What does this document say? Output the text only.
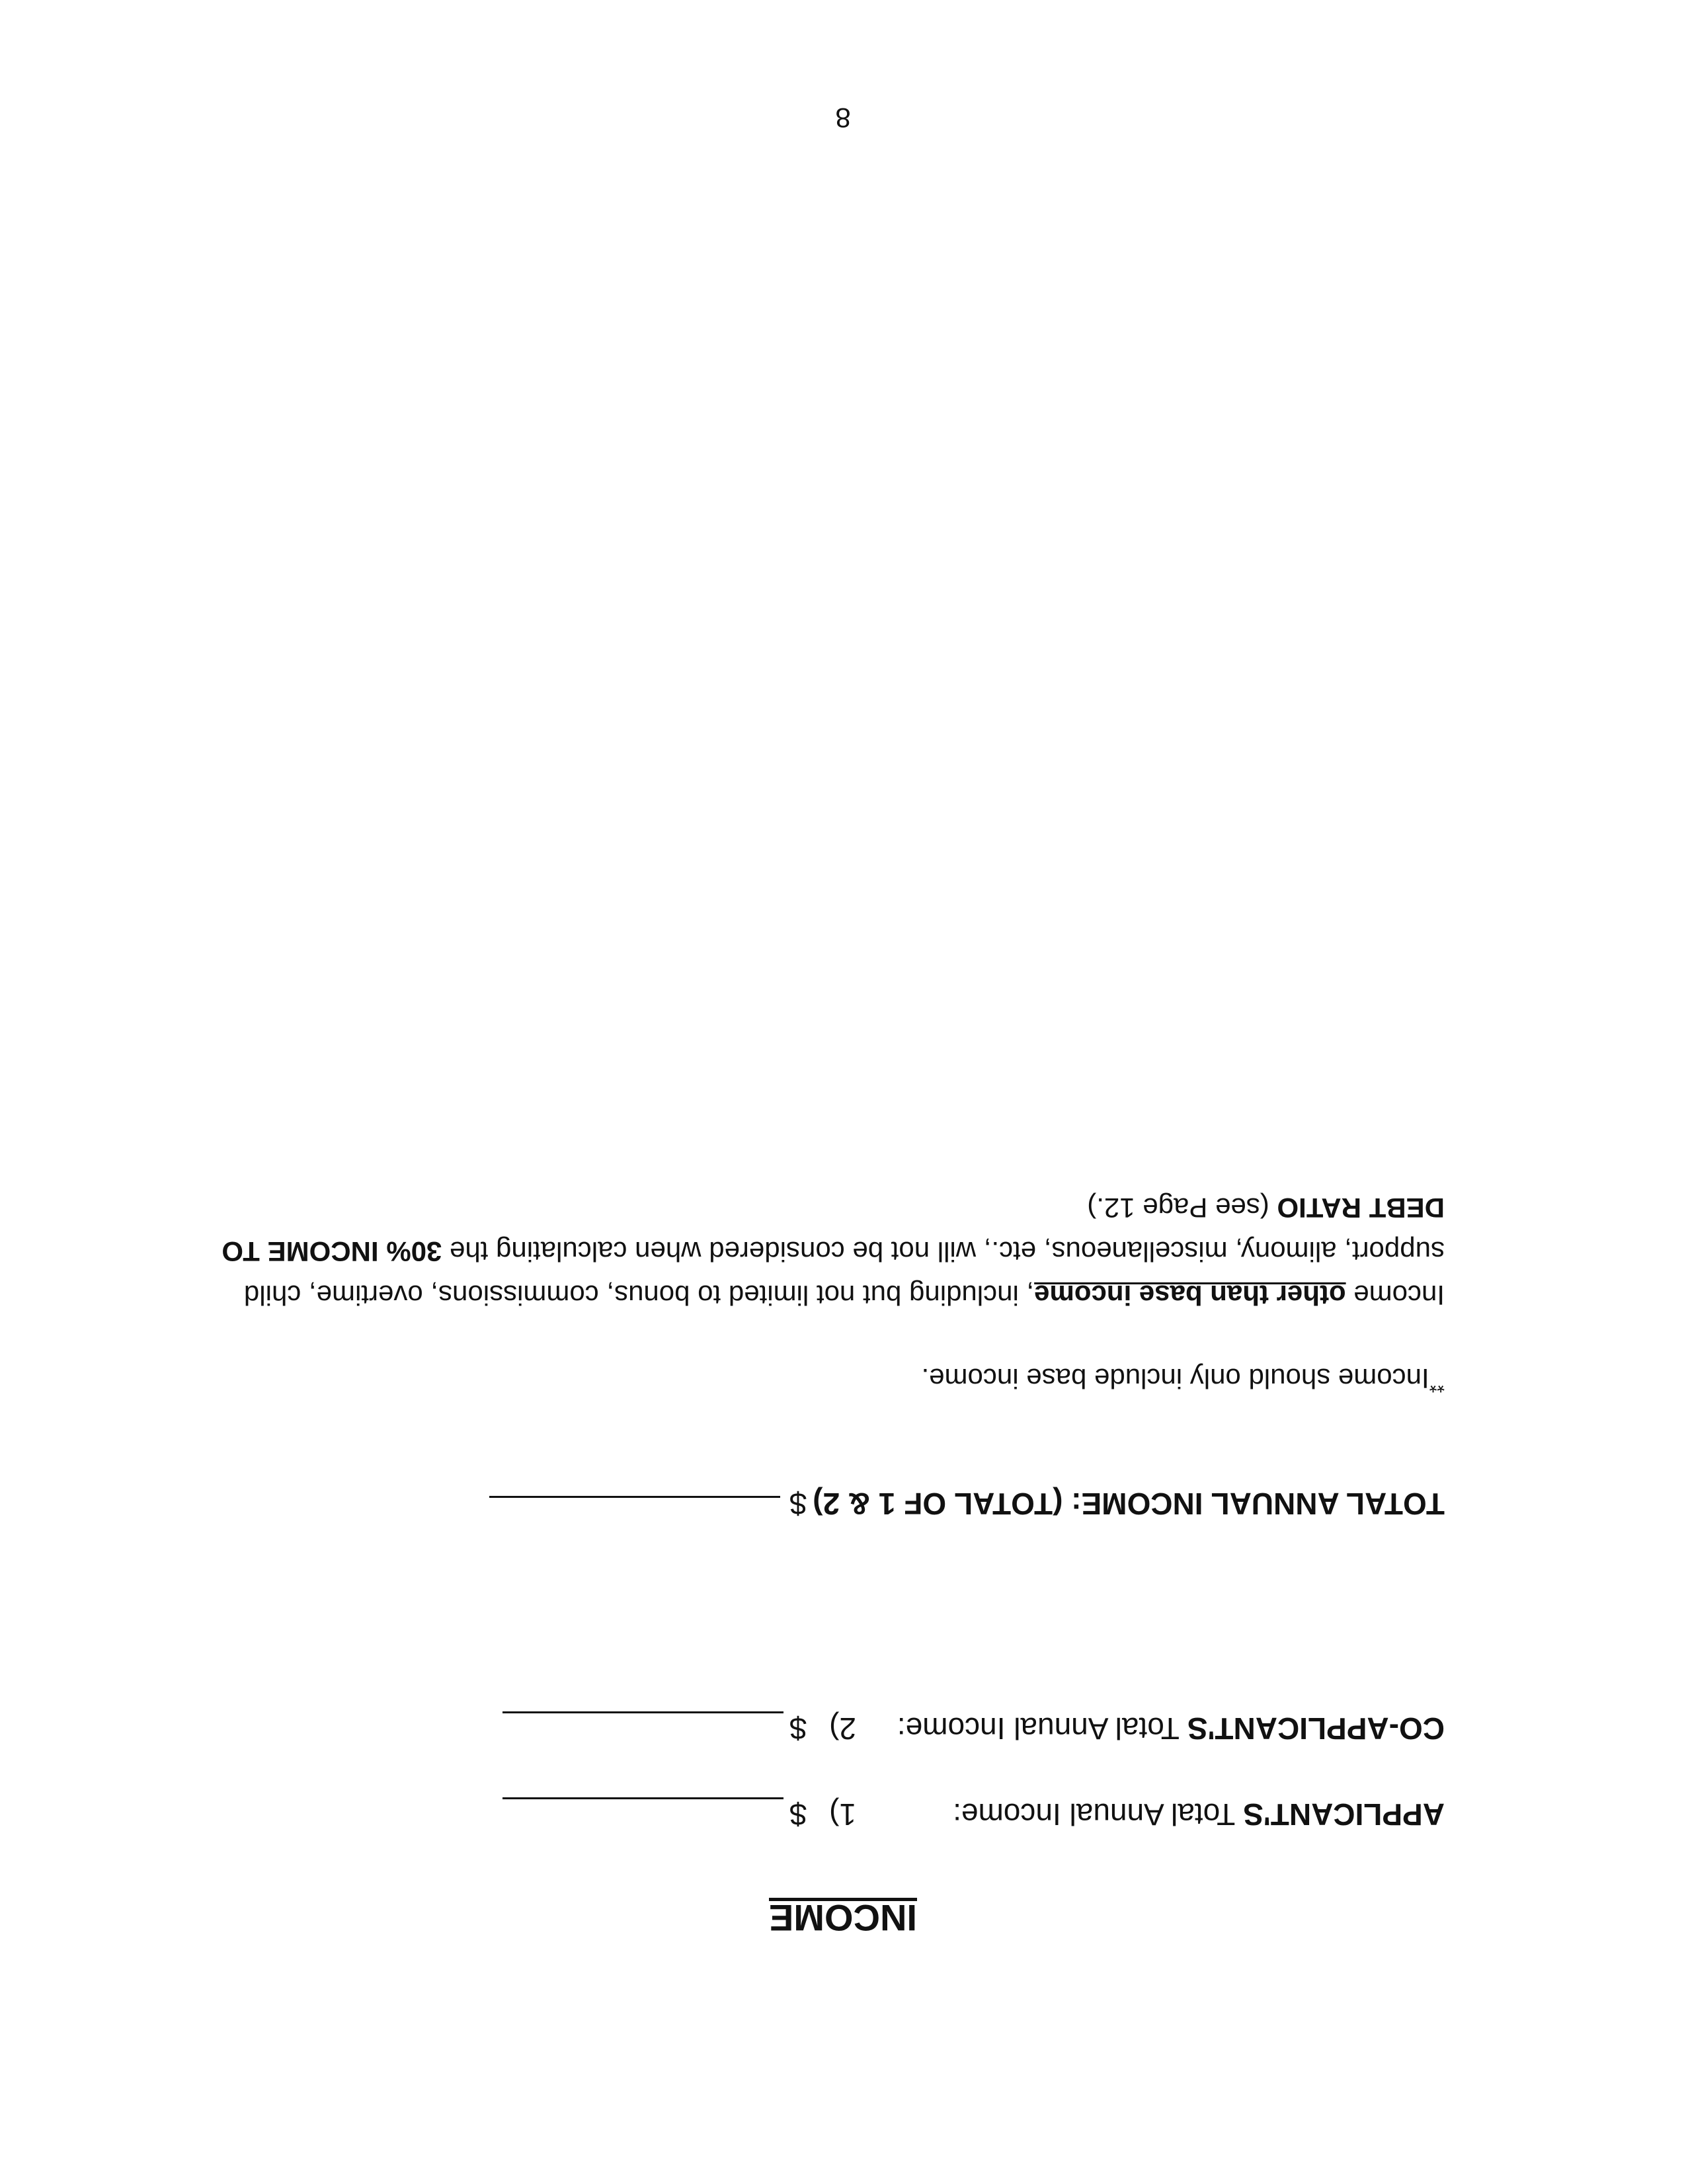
INCOME
APPLICANT'S Total Annual Income:
1)
$
CO-APPLICANT'S Total Annual Income:
2)
$
TOTAL ANNUAL INCOME: (TOTAL OF 1 & 2)
$
**Income should only include base income.
Income other than base income, including but not limited to bonus, commissions, overtime, child support, alimony, miscellaneous, etc., will not be considered when calculating the 30% INCOME TO DEBT RATIO (see Page 12.)
8
